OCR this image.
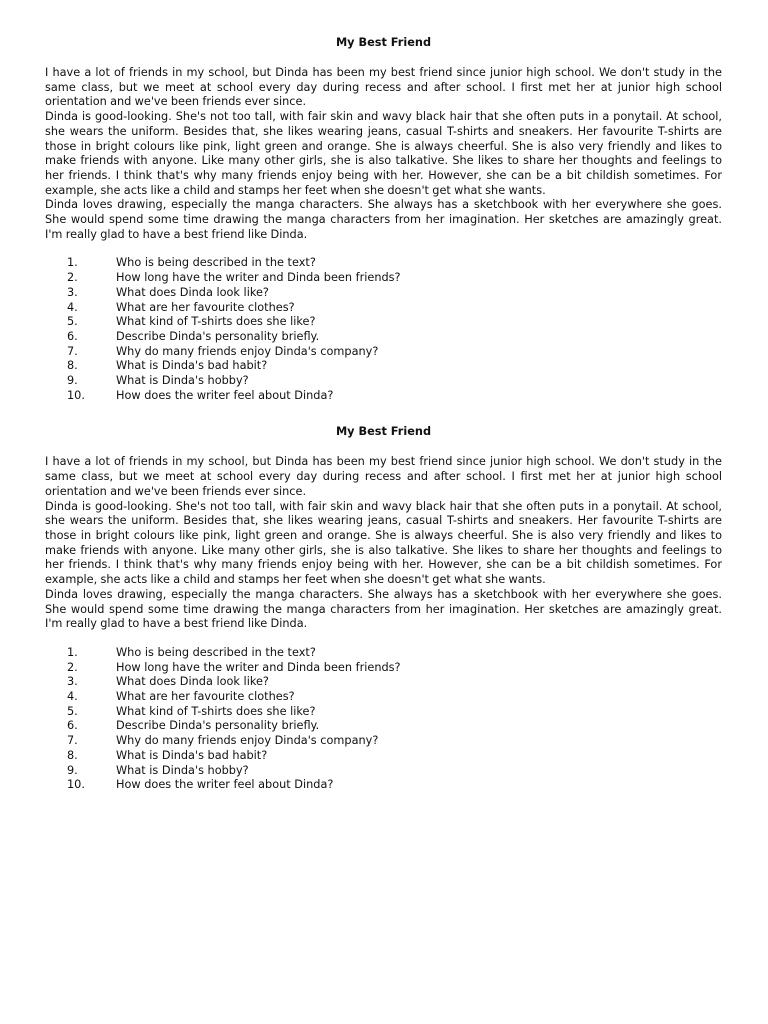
My Best Friend

I have a lot of friends in my school, but Dinda has been my best friend since junior high school. We don't study in the same class, but we meet at school every day during recess and after school. I first met her at junior high school orientation and we've been friends ever since.

Dinda is good-looking. She's not too tall, with fair skin and wavy black hair that she often puts in a ponytail. At school, she wears the uniform. Besides that, she likes wearing jeans, casual T-shirts and sneakers. Her favourite T-shirts are those in bright colours like pink, light green and orange. She is always cheerful. She is also very friendly and likes to make friends with anyone. Like many other girls, she is also talkative. She likes to share her thoughts and feelings to her friends. I think that's why many friends enjoy being with her. However, she can be a bit childish sometimes. For example, she acts like a child and stamps her feet when she doesn't get what she wants.

Dinda loves drawing, especially the manga characters. She always has a sketchbook with her everywhere she goes. She would spend some time drawing the manga characters from her imagination. Her sketches are amazingly great. I'm really glad to have a best friend like Dinda.

1.	Who is being described in the text?
2.	How long have the writer and Dinda been friends?
3.	What does Dinda look like?
4.	What are her favourite clothes?
5.	What kind of T-shirts does she like?
6.	Describe Dinda's personality briefly.
7.	Why do many friends enjoy Dinda's company?
8.	What is Dinda's bad habit?
9.	What is Dinda's hobby?
10.	How does the writer feel about Dinda?
My Best Friend

I have a lot of friends in my school, but Dinda has been my best friend since junior high school. We don't study in the same class, but we meet at school every day during recess and after school. I first met her at junior high school orientation and we've been friends ever since.

Dinda is good-looking. She's not too tall, with fair skin and wavy black hair that she often puts in a ponytail. At school, she wears the uniform. Besides that, she likes wearing jeans, casual T-shirts and sneakers. Her favourite T-shirts are those in bright colours like pink, light green and orange. She is always cheerful. She is also very friendly and likes to make friends with anyone. Like many other girls, she is also talkative. She likes to share her thoughts and feelings to her friends. I think that's why many friends enjoy being with her. However, she can be a bit childish sometimes. For example, she acts like a child and stamps her feet when she doesn't get what she wants.

Dinda loves drawing, especially the manga characters. She always has a sketchbook with her everywhere she goes. She would spend some time drawing the manga characters from her imagination. Her sketches are amazingly great. I'm really glad to have a best friend like Dinda.

1.	Who is being described in the text?
2.	How long have the writer and Dinda been friends?
3.	What does Dinda look like?
4.	What are her favourite clothes?
5.	What kind of T-shirts does she like?
6.	Describe Dinda's personality briefly.
7.	Why do many friends enjoy Dinda's company?
8.	What is Dinda's bad habit?
9.	What is Dinda's hobby?
10.	How does the writer feel about Dinda?
